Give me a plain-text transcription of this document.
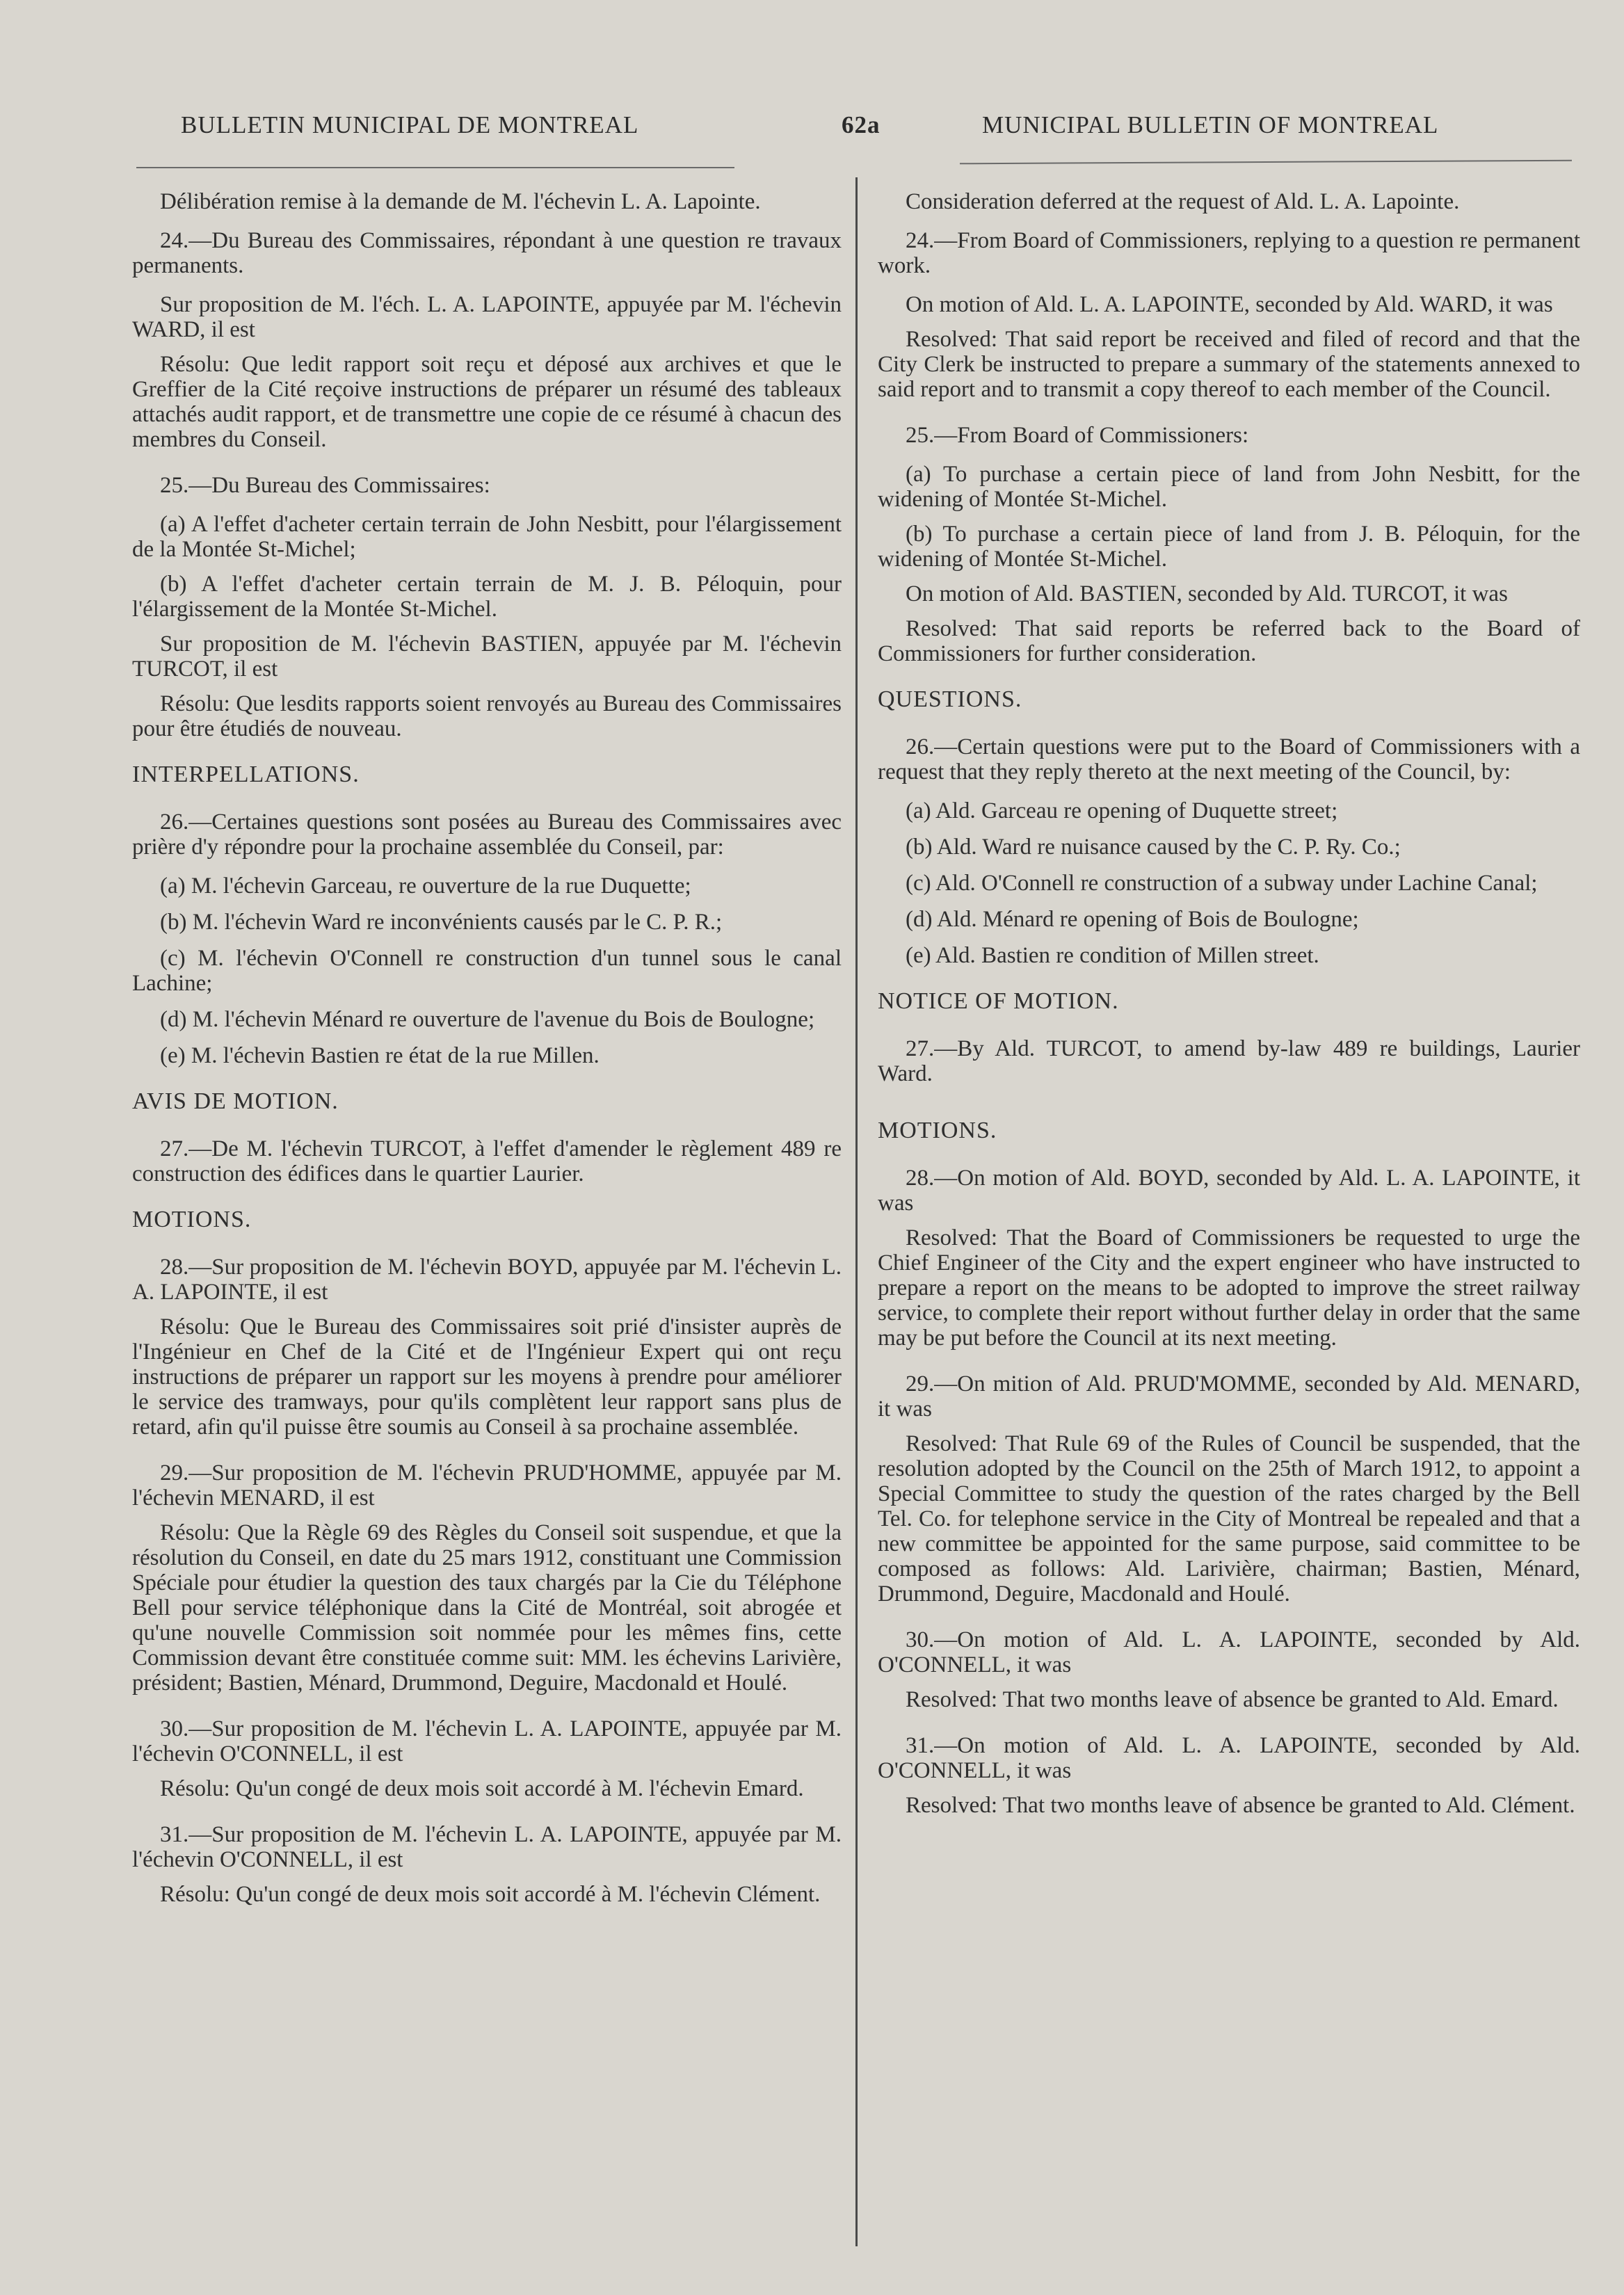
BULLETIN MUNICIPAL DE MONTREAL	62a	MUNICIPAL BULLETIN OF MONTREAL

Délibération remise à la demande de M. l'échevin L. A. Lapointe.

24.—Du Bureau des Commissaires, répondant à une question re travaux permanents.

Sur proposition de M. l'éch. L. A. LAPOINTE, appuyée par M. l'échevin WARD, il est

Résolu: Que ledit rapport soit reçu et déposé aux archives et que le Greffier de la Cité reçoive instructions de préparer un résumé des tableaux attachés audit rapport, et de transmettre une copie de ce résumé à chacun des membres du Conseil.

25.—Du Bureau des Commissaires:

(a) A l'effet d'acheter certain terrain de John Nesbitt, pour l'élargissement de la Montée St-Michel;

(b) A l'effet d'acheter certain terrain de M. J. B. Péloquin, pour l'élargissement de la Montée St-Michel.

Sur proposition de M. l'échevin BASTIEN, appuyée par M. l'échevin TURCOT, il est

Résolu: Que lesdits rapports soient renvoyés au Bureau des Commissaires pour être étudiés de nouveau.

INTERPELLATIONS.

26.—Certaines questions sont posées au Bureau des Commissaires avec prière d'y répondre pour la prochaine assemblée du Conseil, par:

(a) M. l'échevin Garceau, re ouverture de la rue Duquette;

(b) M. l'échevin Ward re inconvénients causés par le C. P. R.;

(c) M. l'échevin O'Connell re construction d'un tunnel sous le canal Lachine;

(d) M. l'échevin Ménard re ouverture de l'avenue du Bois de Boulogne;

(e) M. l'échevin Bastien re état de la rue Millen.

AVIS DE MOTION.

27.—De M. l'échevin TURCOT, à l'effet d'amender le règlement 489 re construction des édifices dans le quartier Laurier.

MOTIONS.

28.—Sur proposition de M. l'échevin BOYD, appuyée par M. l'échevin L. A. LAPOINTE, il est

Résolu: Que le Bureau des Commissaires soit prié d'insister auprès de l'Ingénieur en Chef de la Cité et de l'Ingénieur Expert qui ont reçu instructions de préparer un rapport sur les moyens à prendre pour améliorer le service des tramways, pour qu'ils complètent leur rapport sans plus de retard, afin qu'il puisse être soumis au Conseil à sa prochaine assemblée.

29.—Sur proposition de M. l'échevin PRUD'HOMME, appuyée par M. l'échevin MENARD, il est

Résolu: Que la Règle 69 des Règles du Conseil soit suspendue, et que la résolution du Conseil, en date du 25 mars 1912, constituant une Commission Spéciale pour étudier la question des taux chargés par la Cie du Téléphone Bell pour service téléphonique dans la Cité de Montréal, soit abrogée et qu'une nouvelle Commission soit nommée pour les mêmes fins, cette Commission devant être constituée comme suit: MM. les échevins Larivière, président; Bastien, Ménard, Drummond, Deguire, Macdonald et Houlé.

30.—Sur proposition de M. l'échevin L. A. LAPOINTE, appuyée par M. l'échevin O'CONNELL, il est

Résolu: Qu'un congé de deux mois soit accordé à M. l'échevin Emard.

31.—Sur proposition de M. l'échevin L. A. LAPOINTE, appuyée par M. l'échevin O'CONNELL, il est

Résolu: Qu'un congé de deux mois soit accordé à M. l'échevin Clément.

Consideration deferred at the request of Ald. L. A. Lapointe.

24.—From Board of Commissioners, replying to a question re permanent work.

On motion of Ald. L. A. LAPOINTE, seconded by Ald. WARD, it was

Resolved: That said report be received and filed of record and that the City Clerk be instructed to prepare a summary of the statements annexed to said report and to transmit a copy thereof to each member of the Council.

25.—From Board of Commissioners:

(a) To purchase a certain piece of land from John Nesbitt, for the widening of Montée St-Michel.

(b) To purchase a certain piece of land from J. B. Péloquin, for the widening of Montée St-Michel.

On motion of Ald. BASTIEN, seconded by Ald. TURCOT, it was

Resolved: That said reports be referred back to the Board of Commissioners for further consideration.

QUESTIONS.

26.—Certain questions were put to the Board of Commissioners with a request that they reply thereto at the next meeting of the Council, by:

(a) Ald. Garceau re opening of Duquette street;

(b) Ald. Ward re nuisance caused by the C. P. Ry. Co.;

(c) Ald. O'Connell re construction of a subway under Lachine Canal;

(d) Ald. Ménard re opening of Bois de Boulogne;

(e) Ald. Bastien re condition of Millen street.

NOTICE OF MOTION.

27.—By Ald. TURCOT, to amend by-law 489 re buildings, Laurier Ward.

MOTIONS.

28.—On motion of Ald. BOYD, seconded by Ald. L. A. LAPOINTE, it was

Resolved: That the Board of Commissioners be requested to urge the Chief Engineer of the City and the expert engineer who have instructed to prepare a report on the means to be adopted to improve the street railway service, to complete their report without further delay in order that the same may be put before the Council at its next meeting.

29.—On mition of Ald. PRUD'MOMME, seconded by Ald. MENARD, it was

Resolved: That Rule 69 of the Rules of Council be suspended, that the resolution adopted by the Council on the 25th of March 1912, to appoint a Special Committee to study the question of the rates charged by the Bell Tel. Co. for telephone service in the City of Montreal be repealed and that a new committee be appointed for the same purpose, said committee to be composed as follows: Ald. Larivière, chairman; Bastien, Ménard, Drummond, Deguire, Macdonald and Houlé.

30.—On motion of Ald. L. A. LAPOINTE, seconded by Ald. O'CONNELL, it was

Resolved: That two months leave of absence be granted to Ald. Emard.

31.—On motion of Ald. L. A. LAPOINTE, seconded by Ald. O'CONNELL, it was

Resolved: That two months leave of absence be granted to Ald. Clément.
